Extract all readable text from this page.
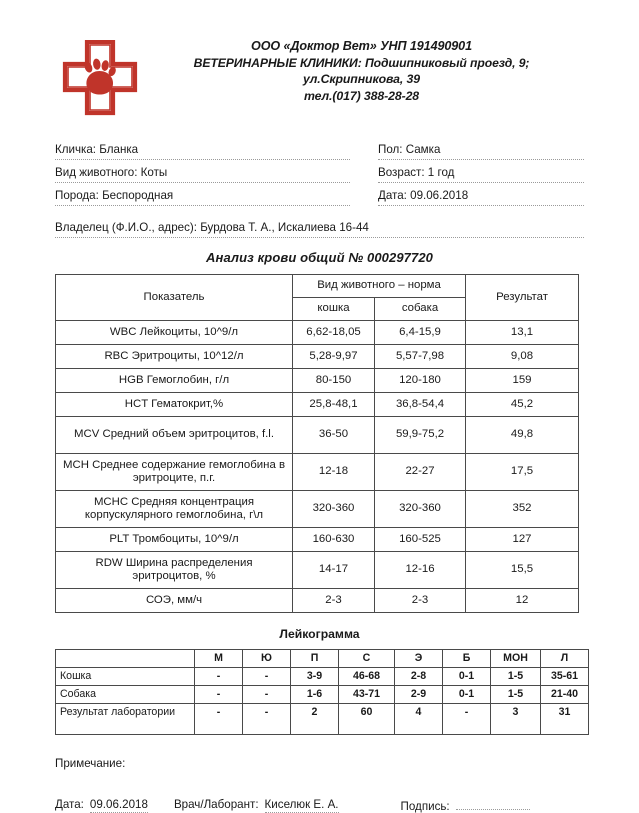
ООО «Доктор Вет» УНП 191490901
ВЕТЕРИНАРНЫЕ КЛИНИКИ: Подшипниковый проезд, 9;
ул.Скрипникова, 39
тел.(017) 388-28-28
Кличка: Бланка
Вид животного: Коты
Порода: Беспородная
Пол: Самка
Возраст: 1 год
Дата: 09.06.2018
Владелец (Ф.И.О., адрес): Бурдова Т. А., Искалиева 16-44
Анализ крови общий № 000297720
Показатель	Вид животного – норма		Результат
	кошка	собака	
WBC Лейкоциты, 10^9/л	6,62-18,05	6,4-15,9	13,1
RBC Эритроциты, 10^12/л	5,28-9,97	5,57-7,98	9,08
HGB Гемоглобин, г/л	80-150	120-180	159
HCT Гематокрит,%	25,8-48,1	36,8-54,4	45,2
MCV Средний объем эритроцитов, f.l.	36-50	59,9-75,2	49,8
MCH Среднее содержание гемоглобина в эритроците, п.г.	12-18	22-27	17,5
MCHC Средняя концентрация корпускулярного гемоглобина, г\л	320-360	320-360	352
PLT Тромбоциты, 10^9/л	160-630	160-525	127
RDW Ширина распределения эритроцитов, %	14-17	12-16	15,5
СОЭ, мм/ч	2-3	2-3	12
Лейкограмма
	М	Ю	П	С	Э	Б	МОН	Л
Кошка	-	-	3-9	46-68	2-8	0-1	1-5	35-61
Собака	-	-	1-6	43-71	2-9	0-1	1-5	21-40
Результат лаборатории	-	-	2	60	4	-	3	31
Примечание:
Дата: 09.06.2018 Врач/Лаборант: Киселюк Е. А.	Подпись:
